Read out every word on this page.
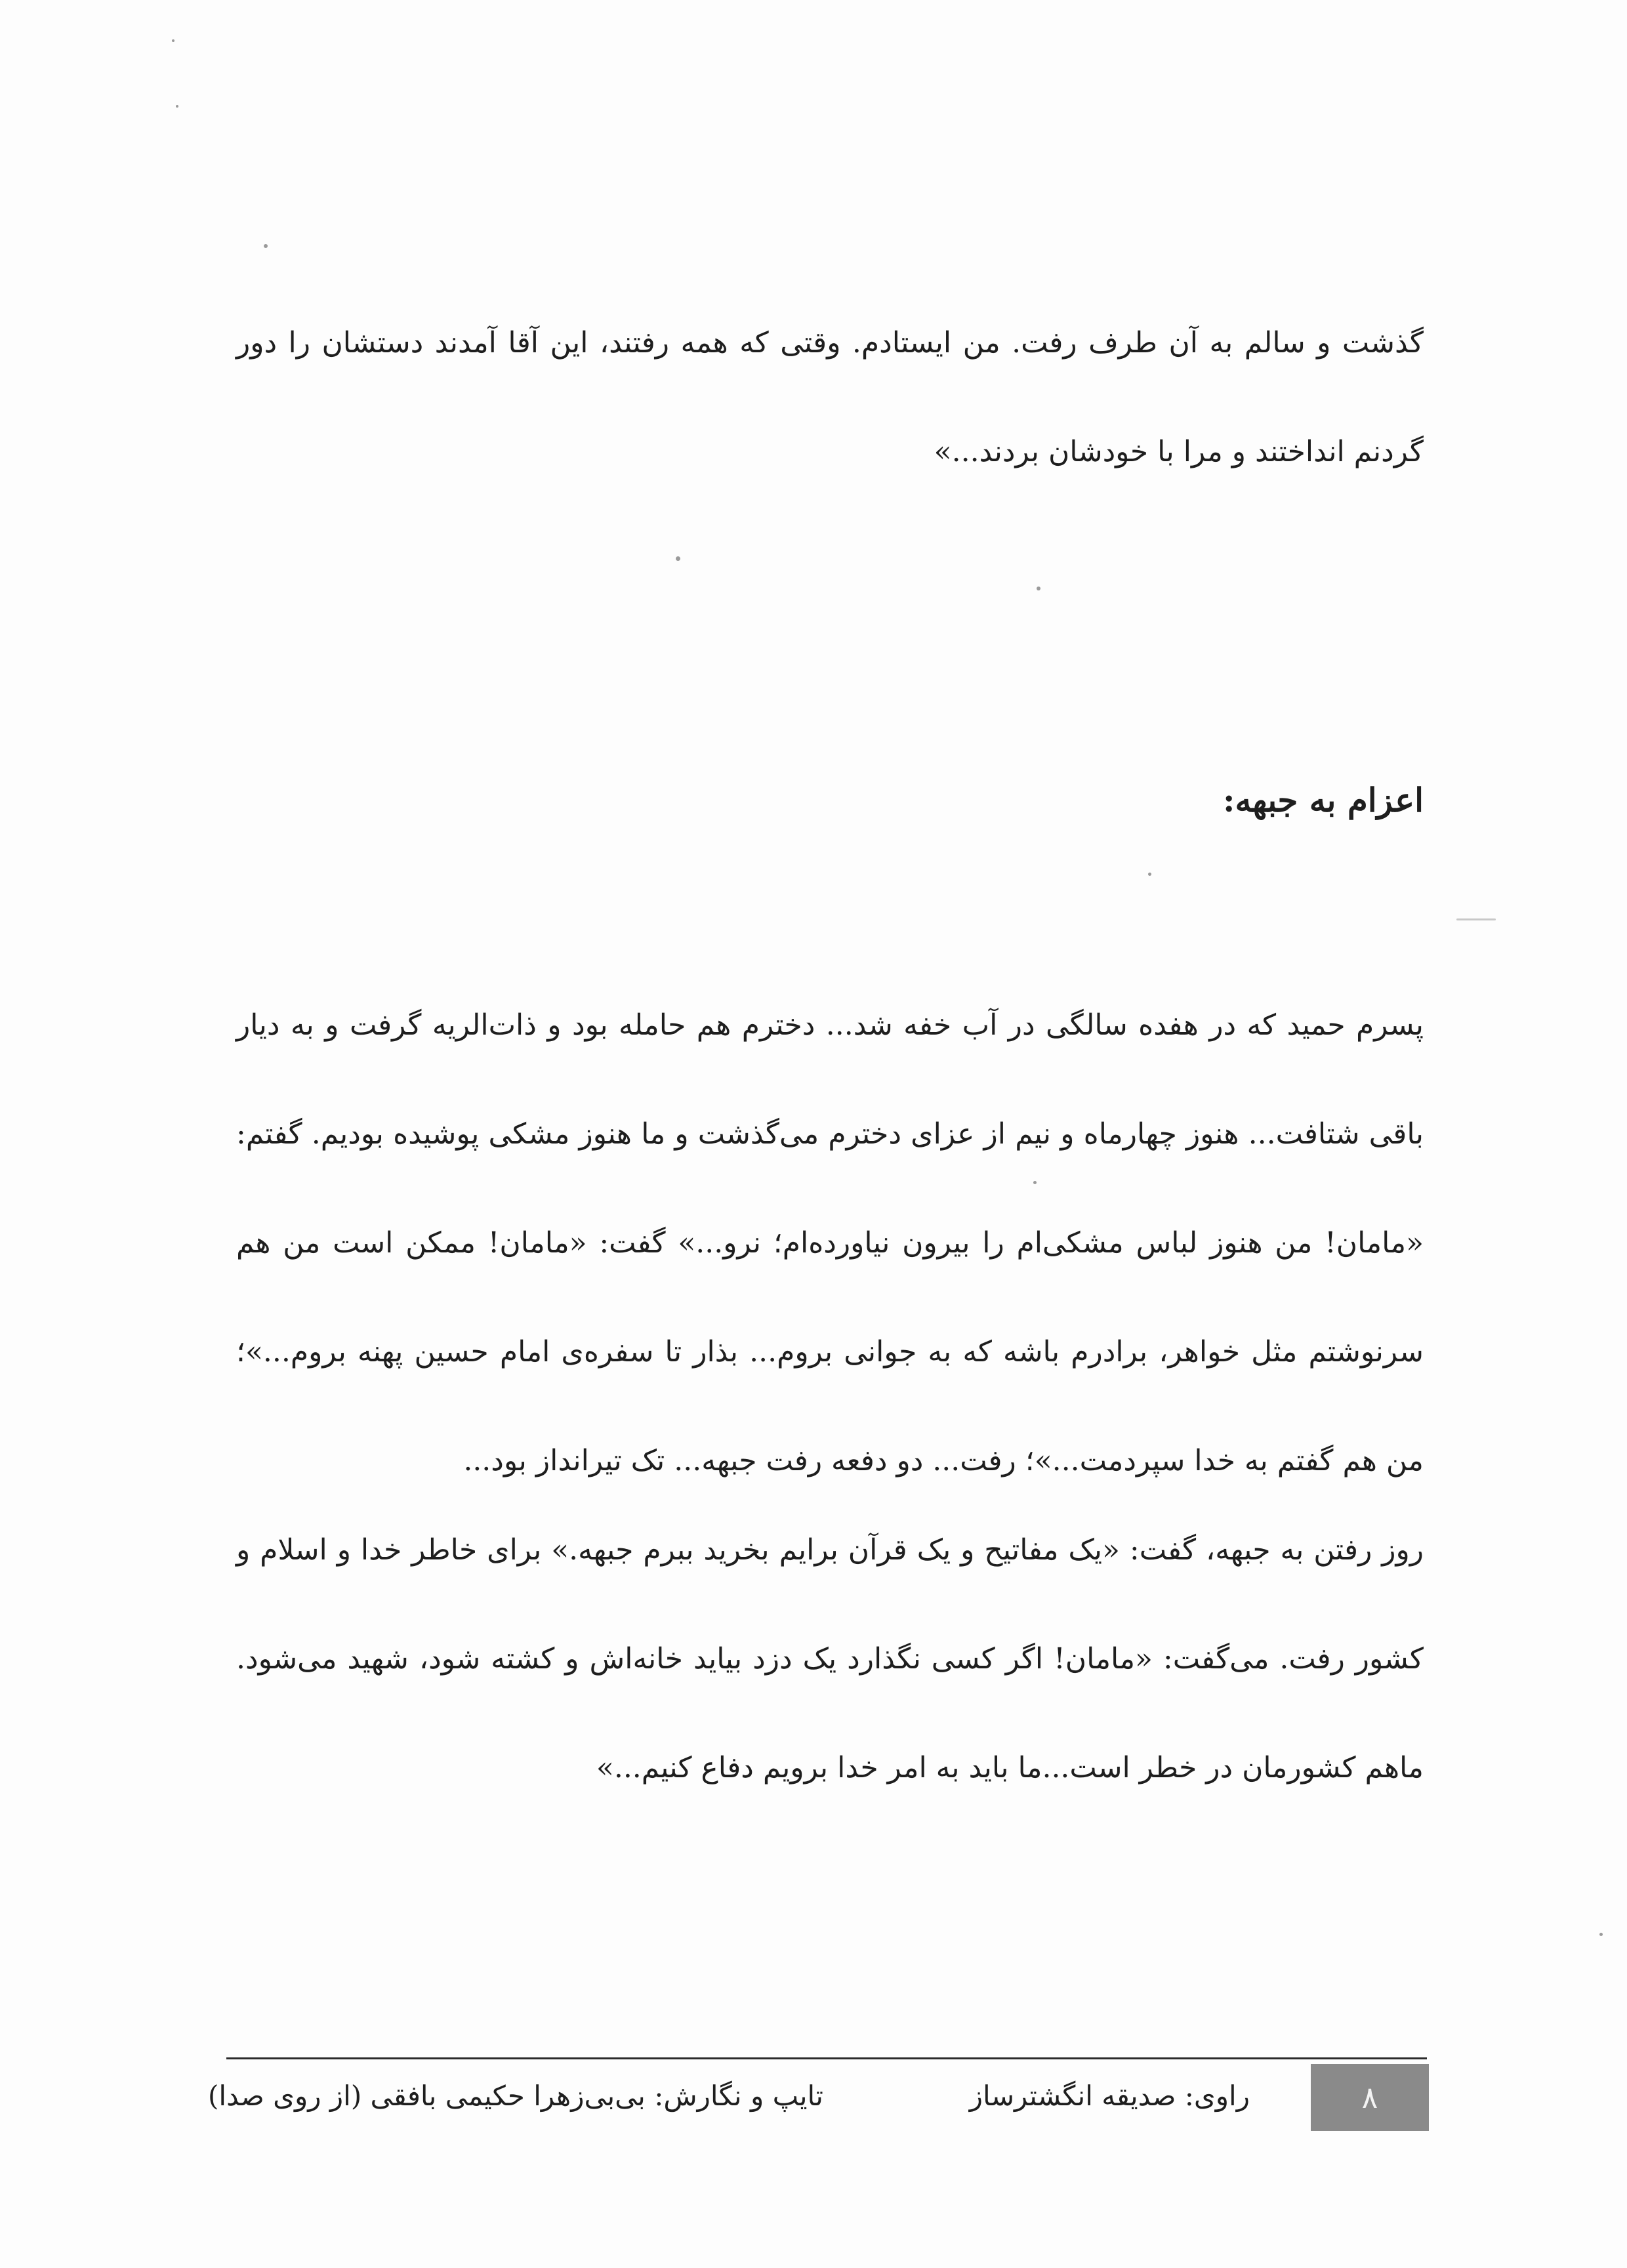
گذشت و سالم به آن طرف رفت. من ایستادم. وقتی که همه رفتند، این آقا آمدند دستشان را دور گردنم انداختند و مرا با خودشان بردند...»

اعزام به جبهه:

پسرم حمید که در هفده سالگی در آب خفه شد... دخترم هم حامله بود و ذات‌الریه گرفت و به دیار باقی شتافت... هنوز چهارماه و نیم از عزای دخترم می‌گذشت و ما هنوز مشکی پوشیده بودیم. گفتم: «مامان! من هنوز لباس مشکی‌ام را بیرون نیاورده‌ام؛ نرو...» گفت: «مامان! ممکن است من هم سرنوشتم مثل خواهر، برادرم باشه که به جوانی بروم... بذار تا سفره‌ی امام حسین پهنه بروم...»؛ من هم گفتم به خدا سپردمت...»؛ رفت... دو دفعه رفت جبهه... تک تیرانداز بود...

روز رفتن به جبهه، گفت: «یک مفاتیح و یک قرآن برایم بخرید ببرم جبهه.» برای خاطر خدا و اسلام و کشور رفت. می‌گفت: «مامان! اگر کسی نگذارد یک دزد بیاید خانه‌اش و کشته شود، شهید می‌شود. ماهم کشورمان در خطر است...ما باید به امر خدا برویم دفاع کنیم...»

۸
راوی: صدیقه انگشترساز
تایپ و نگارش: بی‌بی‌زهرا حکیمی بافقی (از روی صدا)
